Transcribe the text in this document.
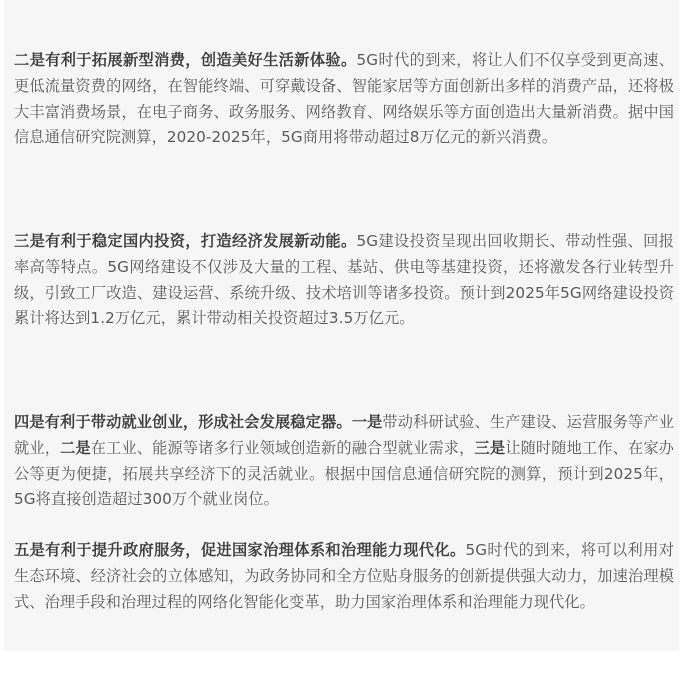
二是有利于拓展新型消费，创造美好生活新体验。5G时代的到来，将让人们不仅享受到更高速、更低流量资费的网络，在智能终端、可穿戴设备、智能家居等方面创新出多样的消费产品，还将极大丰富消费场景，在电子商务、政务服务、网络教育、网络娱乐等方面创造出大量新消费。据中国信息通信研究院测算，2020-2025年，5G商用将带动超过8万亿元的新兴消费。

三是有利于稳定国内投资，打造经济发展新动能。5G建设投资呈现出回收期长、带动性强、回报率高等特点。5G网络建设不仅涉及大量的工程、基站、供电等基建投资，还将激发各行业转型升级，引致工厂改造、建设运营、系统升级、技术培训等诸多投资。预计到2025年5G网络建设投资累计将达到1.2万亿元，累计带动相关投资超过3.5万亿元。

四是有利于带动就业创业，形成社会发展稳定器。一是带动科研试验、生产建设、运营服务等产业就业，二是在工业、能源等诸多行业领域创造新的融合型就业需求，三是让随时随地工作、在家办公等更为便捷，拓展共享经济下的灵活就业。根据中国信息通信研究院的测算，预计到2025年，5G将直接创造超过300万个就业岗位。

五是有利于提升政府服务，促进国家治理体系和治理能力现代化。5G时代的到来，将可以利用对生态环境、经济社会的立体感知，为政务协同和全方位贴身服务的创新提供强大动力，加速治理模式、治理手段和治理过程的网络化智能化变革，助力国家治理体系和治理能力现代化。
